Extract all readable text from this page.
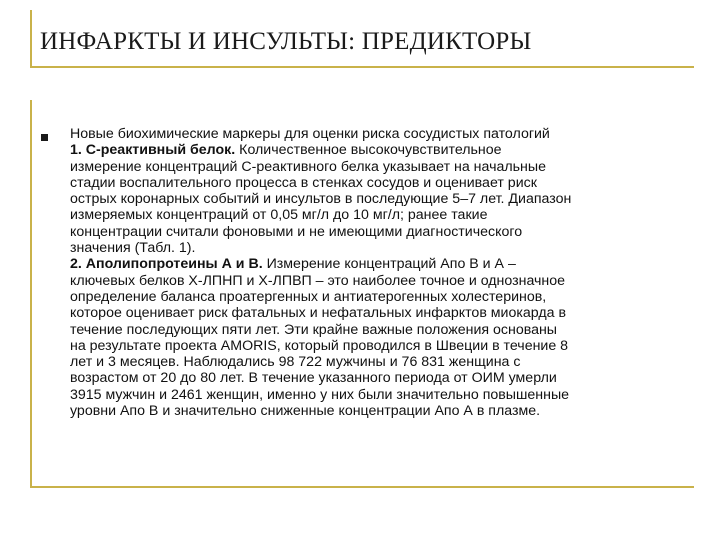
ИНФАРКТЫ И ИНСУЛЬТЫ: ПРЕДИКТОРЫ
Новые биохимические маркеры для оценки риска сосудистых патологий
1. С-реактивный белок. Количественное высокочувствительное
измерение концентраций С-реактивного белка указывает на начальные
стадии воспалительного процесса в стенках сосудов и оценивает риск
острых коронарных событий и инсультов в последующие 5–7 лет. Диапазон
измеряемых концентраций от 0,05 мг/л до 10 мг/л; ранее такие
концентрации считали фоновыми и не имеющими диагностического
значения (Табл. 1).
2. Аполипопротеины А и В. Измерение концентраций Апо В и А –
ключевых белков Х-ЛПНП и Х-ЛПВП – это наиболее точное и однозначное
определение баланса проатергенных и антиатерогенных холестеринов,
которое оценивает риск фатальных и нефатальных инфарктов миокарда в
течение последующих пяти лет. Эти крайне важные положения основаны
на результате проекта AMORIS, который проводился в Швеции в течение 8
лет и 3 месяцев. Наблюдались 98 722 мужчины и 76 831 женщина с
возрастом от 20 до 80 лет. В течение указанного периода от ОИМ умерли
3915 мужчин и 2461 женщин, именно у них были значительно повышенные
уровни Апо В и значительно сниженные концентрации Апо А в плазме.
